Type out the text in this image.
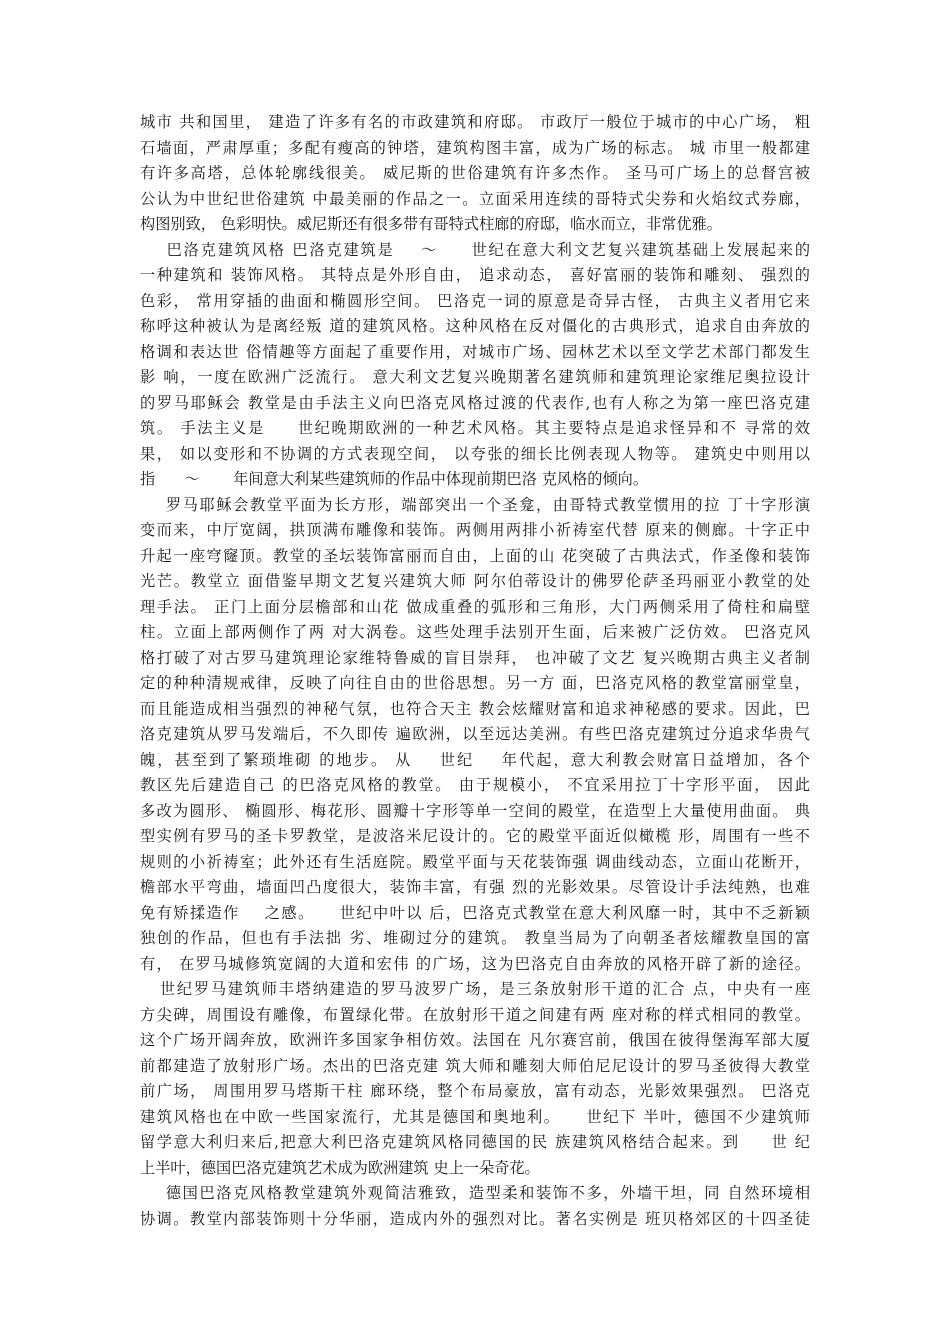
城市 共和国里， 建造了许多有名的市政建筑和府邸。 市政厅一般位于城市的中心广场， 粗
石墙面，严肃厚重；多配有瘦高的钟塔，建筑构图丰富，成为广场的标志。 城 市里一般都建
有许多高塔，总体轮廓线很美。 威尼斯的世俗建筑有许多杰作。 圣马可广场上的总督宫被
公认为中世纪世俗建筑 中最美丽的作品之一。立面采用连续的哥特式尖券和火焰纹式券廊，
构图别致， 色彩明快。威尼斯还有很多带有哥特式柱廊的府邸，临水而立，非常优雅。
巴洛克建筑风格 巴洛克建筑是    ～     世纪在意大利文艺复兴建筑基础上发展起来的
一种建筑和 装饰风格。 其特点是外形自由， 追求动态， 喜好富丽的装饰和雕刻、 强烈的
色彩， 常用穿插的曲面和椭圆形空间。 巴洛克一词的原意是奇异古怪， 古典主义者用它来
称呼这种被认为是离经叛 道的建筑风格。这种风格在反对僵化的古典形式，追求自由奔放的
格调和表达世 俗情趣等方面起了重要作用，对城市广场、园林艺术以至文学艺术部门都发生
影 响，一度在欧洲广泛流行。 意大利文艺复兴晚期著名建筑师和建筑理论家维尼奥拉设计
的罗马耶稣会 教堂是由手法主义向巴洛克风格过渡的代表作,也有人称之为第一座巴洛克建
筑。 手法主义是     世纪晚期欧洲的一种艺术风格。其主要特点是追求怪异和不 寻常的效
果， 如以变形和不协调的方式表现空间， 以夸张的细长比例表现人物等。 建筑史中则用以
指      ～       年间意大利某些建筑师的作品中体现前期巴洛 克风格的倾向。
罗马耶稣会教堂平面为长方形，端部突出一个圣龛，由哥特式教堂惯用的拉 丁十字形演
变而来，中厅宽阔，拱顶满布雕像和装饰。两侧用两排小祈祷室代替 原来的侧廊。十字正中
升起一座穹窿顶。教堂的圣坛装饰富丽而自由，上面的山 花突破了古典法式，作圣像和装饰
光芒。教堂立 面借鉴早期文艺复兴建筑大师 阿尔伯蒂设计的佛罗伦萨圣玛丽亚小教堂的处
理手法。 正门上面分层檐部和山花 做成重叠的弧形和三角形，大门两侧采用了倚柱和扁壁
柱。立面上部两侧作了两 对大涡卷。这些处理手法别开生面，后来被广泛仿效。 巴洛克风
格打破了对古罗马建筑理论家维特鲁威的盲目崇拜， 也冲破了文艺 复兴晚期古典主义者制
定的种种清规戒律，反映了向往自由的世俗思想。另一方 面，巴洛克风格的教堂富丽堂皇，
而且能造成相当强烈的神秘气氛，也符合天主 教会炫耀财富和追求神秘感的要求。因此，巴
洛克建筑从罗马发端后，不久即传 遍欧洲，以至远达美洲。有些巴洛克建筑过分追求华贵气
魄，甚至到了繁琐堆砌 的地步。 从    世纪    年代起，意大利教会财富日益增加，各个
教区先后建造自己 的巴洛克风格的教堂。 由于规模小， 不宜采用拉丁十字形平面， 因此
多改为圆形、 椭圆形、梅花形、圆瓣十字形等单一空间的殿堂，在造型上大量使用曲面。 典
型实例有罗马的圣卡罗教堂，是波洛米尼设计的。它的殿堂平面近似橄榄 形，周围有一些不
规则的小祈祷室；此外还有生活庭院。殿堂平面与天花装饰强 调曲线动态，立面山花断开，
檐部水平弯曲，墙面凹凸度很大，装饰丰富，有强 烈的光影效果。尽管设计手法纯熟，也难
免有矫揉造作    之感。    世纪中叶以 后，巴洛克式教堂在意大利风靡一时，其中不乏新颖
独创的作品，但也有手法拙 劣、堆砌过分的建筑。 教皇当局为了向朝圣者炫耀教皇国的富
有， 在罗马城修筑宽阔的大道和宏伟 的广场，这为巴洛克自由奔放的风格开辟了新的途径。
世纪罗马建筑师丰塔纳建造的罗马波罗广场，是三条放射形干道的汇合 点，中央有一座
方尖碑，周围设有雕像，布置绿化带。在放射形干道之间建有两 座对称的样式相同的教堂。
这个广场开阔奔放，欧洲许多国家争相仿效。法国在 凡尔赛宫前，俄国在彼得堡海军部大厦
前都建造了放射形广场。杰出的巴洛克建 筑大师和雕刻大师伯尼尼设计的罗马圣彼得大教堂
前广场， 周围用罗马塔斯干柱 廊环绕，整个布局豪放，富有动态，光影效果强烈。 巴洛克
建筑风格也在中欧一些国家流行，尤其是德国和奥地利。    世纪下 半叶，德国不少建筑师
留学意大利归来后,把意大利巴洛克建筑风格同德国的民 族建筑风格结合起来。到     世 纪
上半叶，德国巴洛克建筑艺术成为欧洲建筑 史上一朵奇花。
德国巴洛克风格教堂建筑外观简洁雅致，造型柔和装饰不多，外墙干坦，同 自然环境相
协调。教堂内部装饰则十分华丽，造成内外的强烈对比。著名实例是 班贝格郊区的十四圣徒
